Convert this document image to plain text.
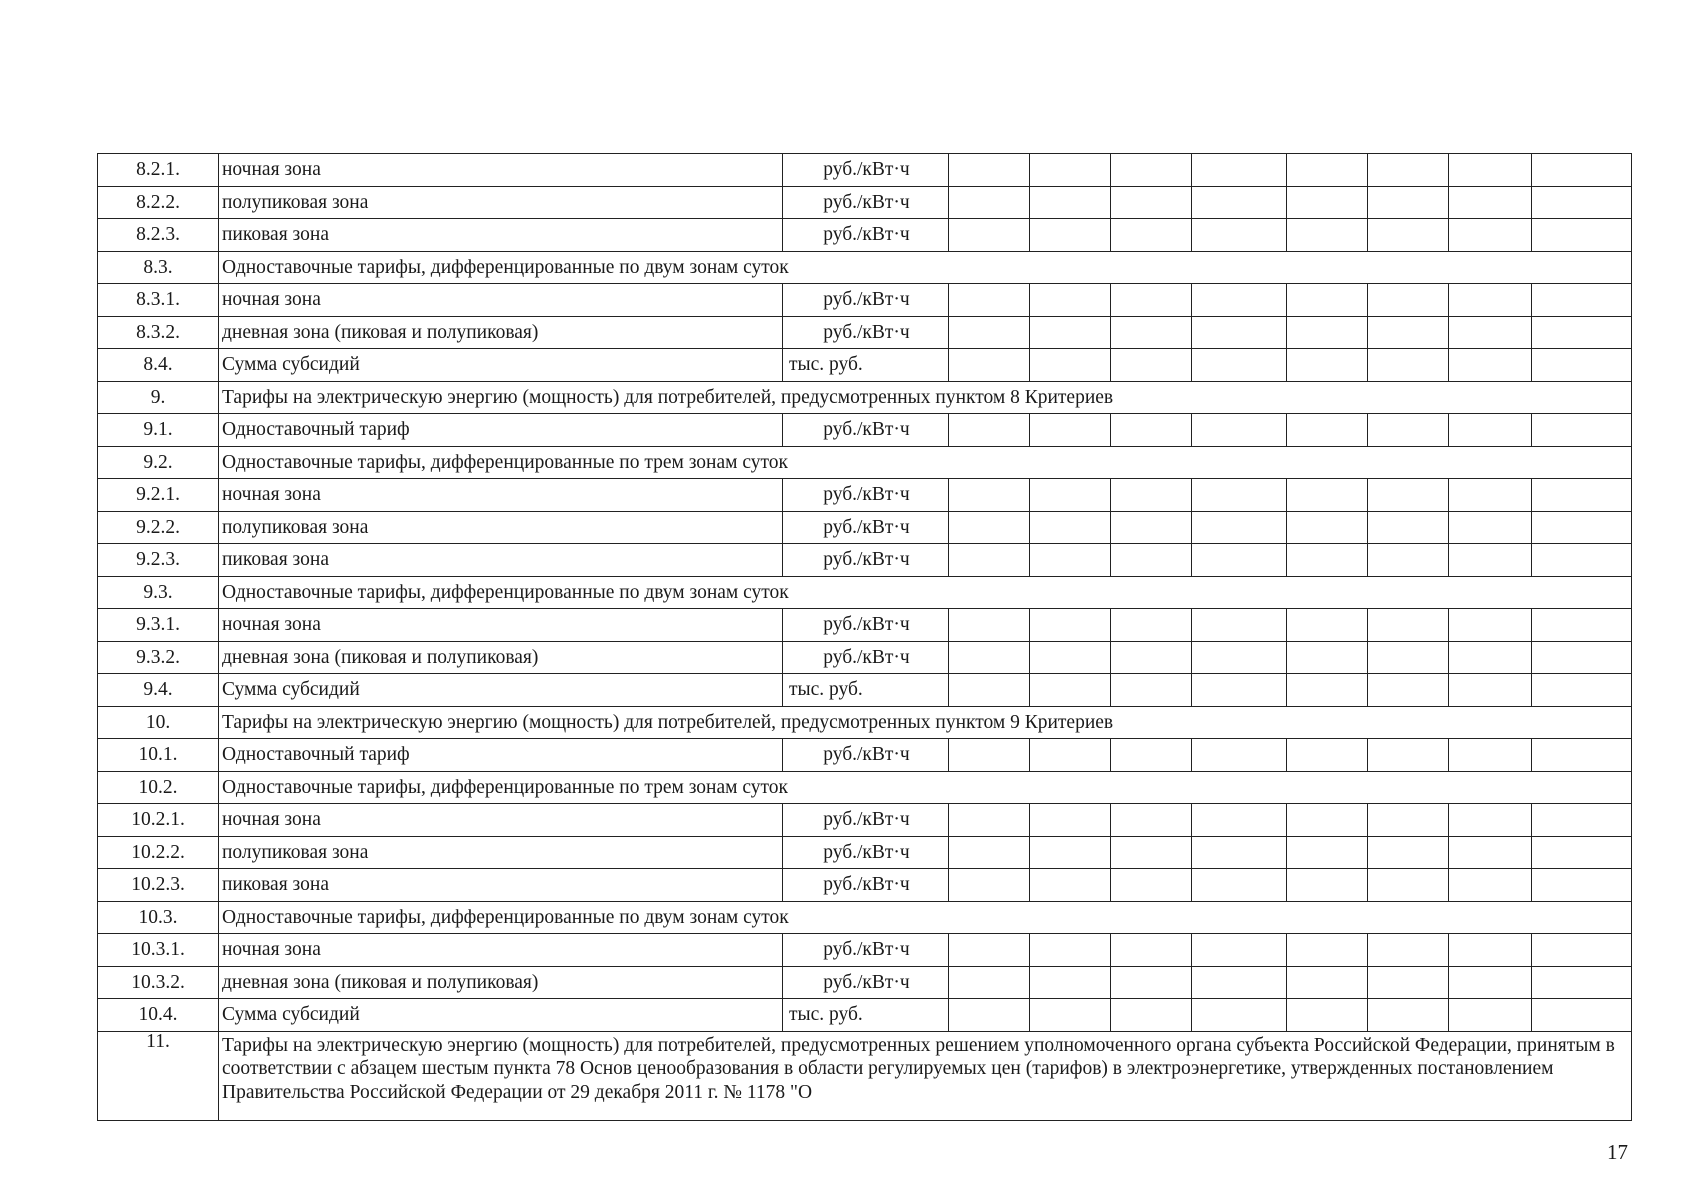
8.2.1.	ночная зона	руб./кВт·ч								
8.2.2.	полупиковая зона	руб./кВт·ч								
8.2.3.	пиковая зона	руб./кВт·ч								
8.3.	Одноставочные тарифы, дифференцированные по двум зонам суток									
8.3.1.	ночная зона	руб./кВт·ч								
8.3.2.	дневная зона (пиковая и полупиковая)	руб./кВт·ч								
8.4.	Сумма субсидий	тыс. руб.								
9.	Тарифы на электрическую энергию (мощность) для потребителей, предусмотренных пунктом 8 Критериев									
9.1.	Одноставочный тариф	руб./кВт·ч								
9.2.	Одноставочные тарифы, дифференцированные по трем зонам суток									
9.2.1.	ночная зона	руб./кВт·ч								
9.2.2.	полупиковая зона	руб./кВт·ч								
9.2.3.	пиковая зона	руб./кВт·ч								
9.3.	Одноставочные тарифы, дифференцированные по двум зонам суток									
9.3.1.	ночная зона	руб./кВт·ч								
9.3.2.	дневная зона (пиковая и полупиковая)	руб./кВт·ч								
9.4.	Сумма субсидий	тыс. руб.								
10.	Тарифы на электрическую энергию (мощность) для потребителей, предусмотренных пунктом 9 Критериев									
10.1.	Одноставочный тариф	руб./кВт·ч								
10.2.	Одноставочные тарифы, дифференцированные по трем зонам суток									
10.2.1.	ночная зона	руб./кВт·ч								
10.2.2.	полупиковая зона	руб./кВт·ч								
10.2.3.	пиковая зона	руб./кВт·ч								
10.3.	Одноставочные тарифы, дифференцированные по двум зонам суток									
10.3.1.	ночная зона	руб./кВт·ч								
10.3.2.	дневная зона (пиковая и полупиковая)	руб./кВт·ч								
10.4.	Сумма субсидий	тыс. руб.								
11.	Тарифы на электрическую энергию (мощность) для потребителей, предусмотренных решением уполномоченного органа субъекта Российской Федерации, принятым в соответствии с абзацем шестым пункта 78 Основ ценообразования в области регулируемых цен (тарифов) в электроэнергетике, утвержденных постановлением Правительства Российской Федерации от 29 декабря 2011 г. № 1178 "О									
17
